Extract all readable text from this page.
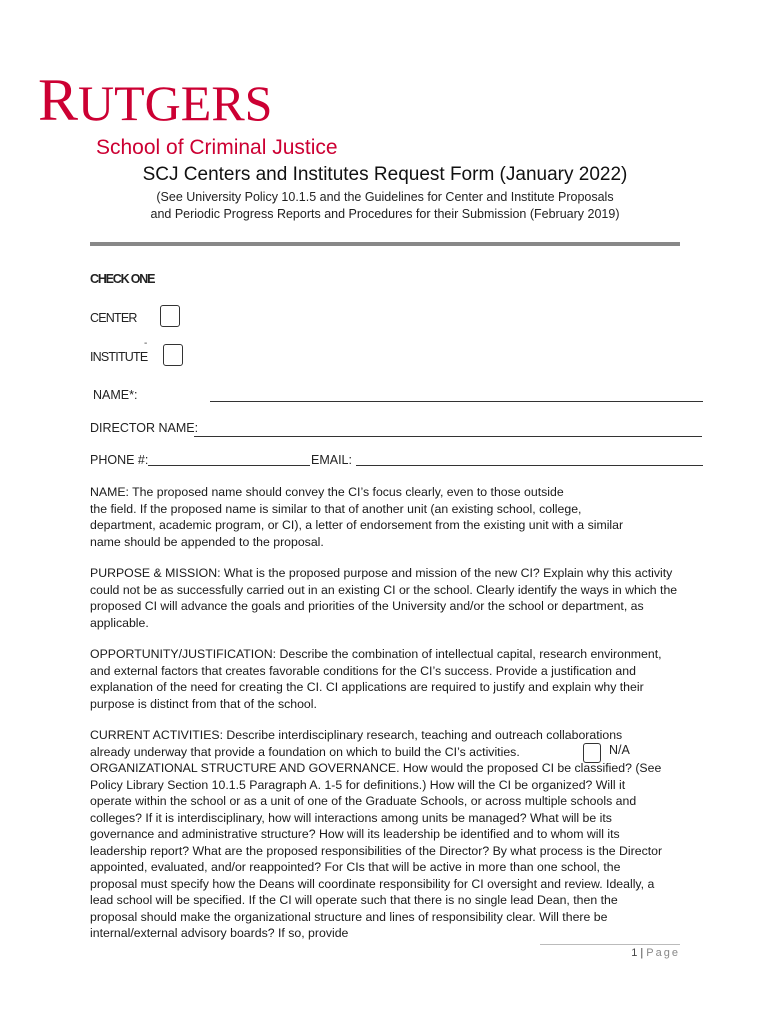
RUTGERS
School of Criminal Justice
SCJ Centers and Institutes Request Form (January 2022)
(See University Policy 10.1.5 and the Guidelines for Center and Institute Proposals
and Periodic Progress Reports and Procedures for their Submission (February 2019)
CHECK ONE
CENTER
-
INSTITUTE
NAME*:
DIRECTOR NAME:
PHONE #:	EMAIL:

NAME: The proposed name should convey the CI’s focus clearly, even to those outside

the field. If the proposed name is similar to that of another unit (an existing school, college,

department, academic program, or CI), a letter of endorsement from the existing unit with a similar

name should be appended to the proposal.

PURPOSE & MISSION: What is the proposed purpose and mission of the new CI? Explain why this activity could not be as successfully carried out in an existing CI or the school. Clearly identify the ways in which the proposed CI will advance the goals and priorities of the University and/or the school or department, as applicable.

OPPORTUNITY/JUSTIFICATION: Describe the combination of intellectual capital, research environment, and external factors that creates favorable conditions for the CI’s success. Provide a justification and explanation of the need for creating the CI. CI applications are required to justify and explain why their purpose is distinct from that of the school.

CURRENT ACTIVITIES: Describe interdisciplinary research, teaching and outreach collaborations

already underway that provide a foundation on which to build the CI’s activities.	N/A

ORGANIZATIONAL STRUCTURE AND GOVERNANCE. How would the proposed CI be classified? (See Policy Library Section 10.1.5 Paragraph A. 1-5 for definitions.) How will the CI be organized? Will it operate within the school or as a unit of one of the Graduate Schools, or across multiple schools and colleges? If it is interdisciplinary, how will interactions among units be managed? What will be its governance and administrative structure? How will its leadership be identified and to whom will its leadership report? What are the proposed responsibilities of the Director? By what process is the Director appointed, evaluated, and/or reappointed? For CIs that will be active in more than one school, the proposal must specify how the Deans will coordinate responsibility for CI oversight and review. Ideally, a lead school will be specified. If the CI will operate such that there is no single lead Dean, then the proposal should make the organizational structure and lines of responsibility clear. Will there be internal/external advisory boards? If so, provide

1 | Page
